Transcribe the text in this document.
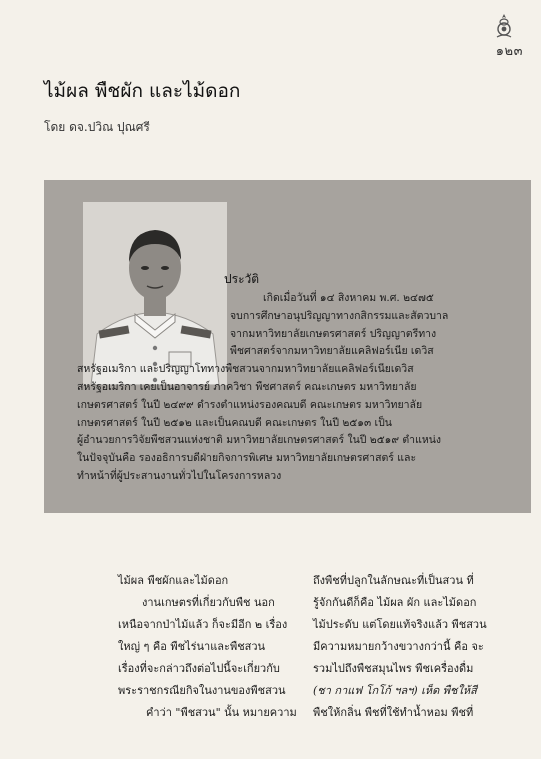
๑๒๓
ไม้ผล พืชผัก และไม้ดอก
โดย ดจ.ปวิณ ปุณศรี
ประวัติ
เกิดเมื่อวันที่ ๑๔ สิงหาคม พ.ศ. ๒๔๗๕
จบการศึกษาอนุปริญญาทางกสิกรรมและสัตวบาล
จากมหาวิทยาลัยเกษตรศาสตร์ ปริญญาตรีทาง
พืชศาสตร์จากมหาวิทยาลัยแคลิฟอร์เนีย เดวิส
สหรัฐอเมริกา และปริญญาโททางพืชสวนจากมหาวิทยาลัยแคลิฟอร์เนียเดวิส
สหรัฐอเมริกา เคยเป็นอาจารย์ ภาควิชา พืชศาสตร์ คณะเกษตร มหาวิทยาลัย
เกษตรศาสตร์ ในปี ๒๔๙๙ ดำรงตำแหน่งรองคณบดี คณะเกษตร มหาวิทยาลัย
เกษตรศาสตร์ ในปี ๒๕๑๒ และเป็นคณบดี คณะเกษตร ในปี ๒๕๑๓ เป็น
ผู้อำนวยการวิจัยพืชสวนแห่งชาติ มหาวิทยาลัยเกษตรศาสตร์ ในปี ๒๕๑๙ ตำแหน่ง
ในปัจจุบันคือ รองอธิการบดีฝ่ายกิจการพิเศษ มหาวิทยาลัยเกษตรศาสตร์ และ
ทำหน้าที่ผู้ประสานงานทั่วไปในโครงการหลวง
ไม้ผล พืชผักและไม้ดอก
งานเกษตรที่เกี่ยวกับพืช นอก
เหนือจากป่าไม้แล้ว ก็จะมีอีก ๒ เรื่อง
ใหญ่ ๆ คือ พืชไร่นาและพืชสวน
เรื่องที่จะกล่าวถึงต่อไปนี้จะเกี่ยวกับ
พระราชกรณียกิจในงานของพืชสวน
คำว่า "พืชสวน" นั้น หมายความ
ถึงพืชที่ปลูกในลักษณะที่เป็นสวน ที่
รู้จักกันดีก็คือ ไม้ผล ผัก และไม้ดอก
ไม้ประดับ แต่โดยแท้จริงแล้ว พืชสวน
มีความหมายกว้างขวางกว่านี้ คือ จะ
รวมไปถึงพืชสมุนไพร พืชเครื่องดื่ม
(ชา กาแฟ โกโก้ ฯลฯ) เห็ด พืชให้สี
พืชให้กลิ่น พืชที่ใช้ทำน้ำหอม พืชที่
